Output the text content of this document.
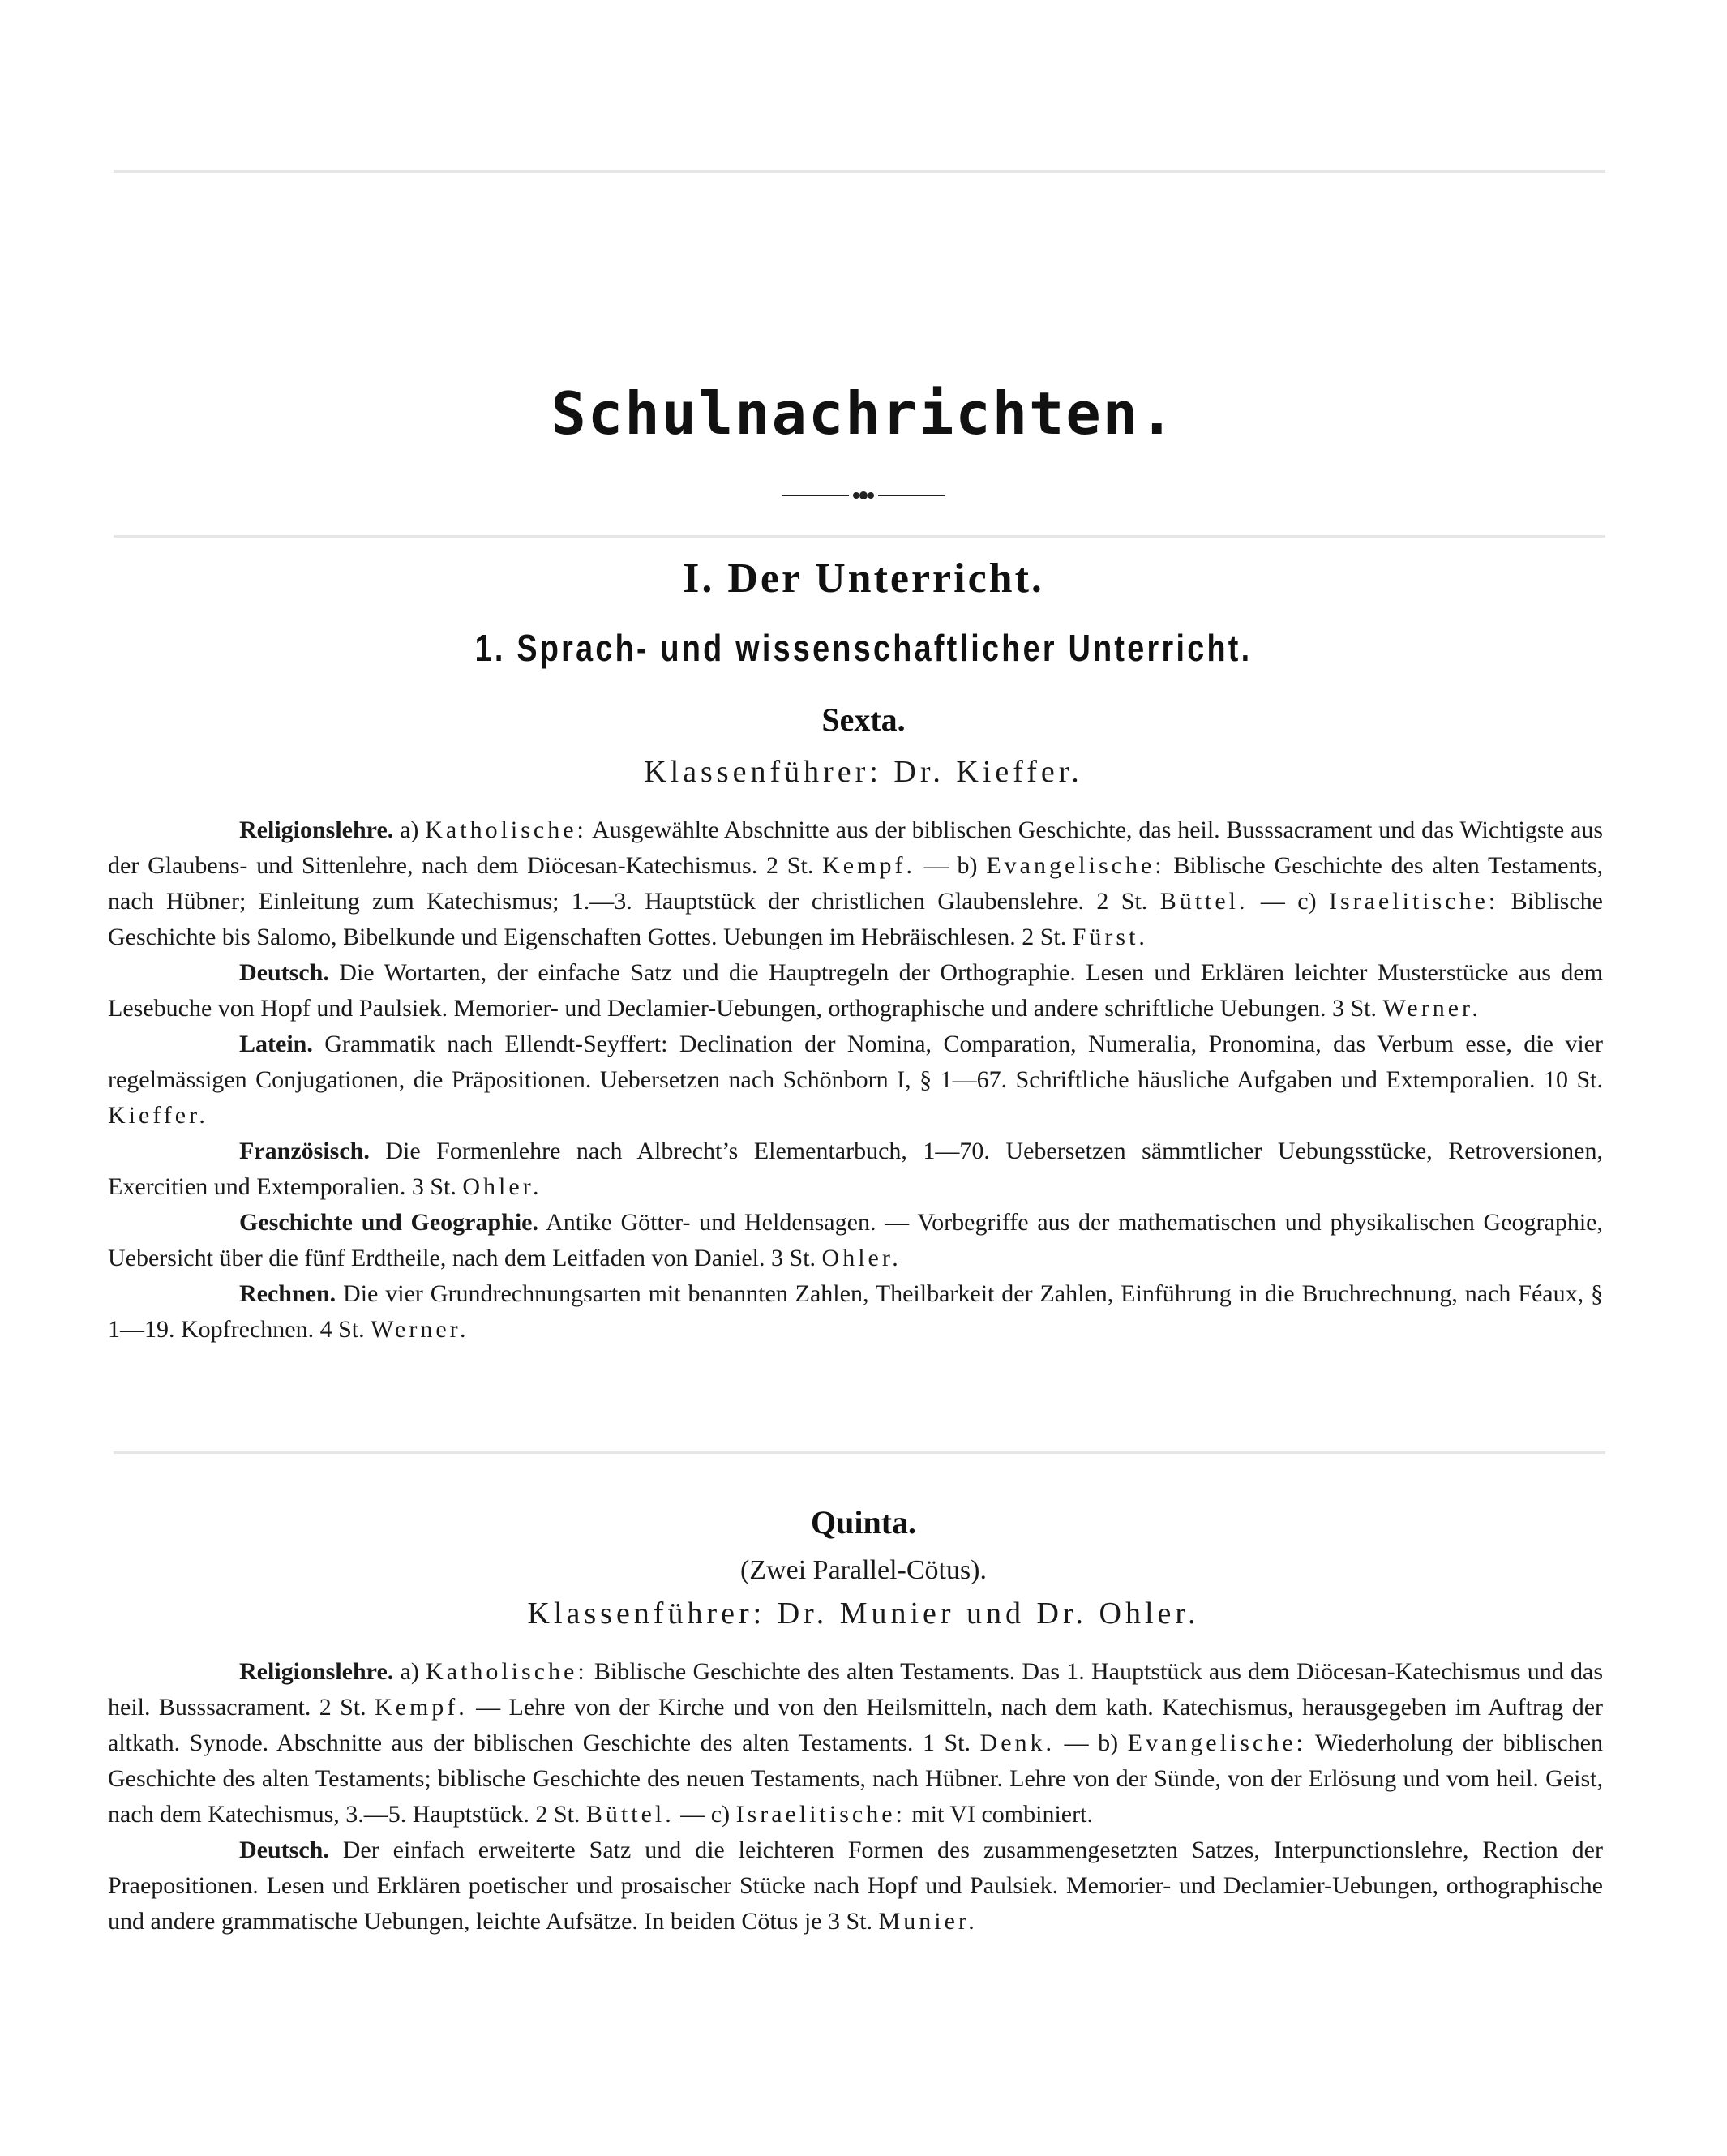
Schulnachrichten.
I. Der Unterricht.
1. Sprach- und wissenschaftlicher Unterricht.
Sexta.
Klassenführer: Dr. Kieffer.
Religionslehre. a) Katholische: Ausgewählte Abschnitte aus der biblischen Geschichte, das heil. Busssacrament und das Wichtigste aus der Glaubens- und Sittenlehre, nach dem Diöcesan-Katechismus. 2 St. Kempf. — b) Evangelische: Biblische Geschichte des alten Testaments, nach Hübner; Einleitung zum Katechismus; 1.—3. Hauptstück der christlichen Glaubenslehre. 2 St. Büttel. — c) Israelitische: Biblische Geschichte bis Salomo, Bibelkunde und Eigenschaften Gottes. Uebungen im Hebräischlesen. 2 St. Fürst.
Deutsch. Die Wortarten, der einfache Satz und die Hauptregeln der Orthographie. Lesen und Erklären leichter Musterstücke aus dem Lesebuche von Hopf und Paulsiek. Memorier- und Declamier-Uebungen, orthographische und andere schriftliche Uebungen. 3 St. Werner.
Latein. Grammatik nach Ellendt-Seyffert: Declination der Nomina, Comparation, Numeralia, Pronomina, das Verbum esse, die vier regelmässigen Conjugationen, die Präpositionen. Uebersetzen nach Schönborn I, § 1—67. Schriftliche häusliche Aufgaben und Extemporalien. 10 St. Kieffer.
Französisch. Die Formenlehre nach Albrecht’s Elementarbuch, 1—70. Uebersetzen sämmtlicher Uebungsstücke, Retroversionen, Exercitien und Extemporalien. 3 St. Ohler.
Geschichte und Geographie. Antike Götter- und Heldensagen. — Vorbegriffe aus der mathematischen und physikalischen Geographie, Uebersicht über die fünf Erdtheile, nach dem Leitfaden von Daniel. 3 St. Ohler.
Rechnen. Die vier Grundrechnungsarten mit benannten Zahlen, Theilbarkeit der Zahlen, Einführung in die Bruchrechnung, nach Féaux, § 1—19. Kopfrechnen. 4 St. Werner.
Quinta.
(Zwei Parallel-Cötus).
Klassenführer: Dr. Munier und Dr. Ohler.
Religionslehre. a) Katholische: Biblische Geschichte des alten Testaments. Das 1. Hauptstück aus dem Diöcesan-Katechismus und das heil. Busssacrament. 2 St. Kempf. — Lehre von der Kirche und von den Heilsmitteln, nach dem kath. Katechismus, herausgegeben im Auftrag der altkath. Synode. Abschnitte aus der biblischen Geschichte des alten Testaments. 1 St. Denk. — b) Evangelische: Wiederholung der biblischen Geschichte des alten Testaments; biblische Geschichte des neuen Testaments, nach Hübner. Lehre von der Sünde, von der Erlösung und vom heil. Geist, nach dem Katechismus, 3.—5. Hauptstück. 2 St. Büttel. — c) Israelitische: mit VI combiniert.
Deutsch. Der einfach erweiterte Satz und die leichteren Formen des zusammengesetzten Satzes, Interpunctionslehre, Rection der Praepositionen. Lesen und Erklären poetischer und prosaischer Stücke nach Hopf und Paulsiek. Memorier- und Declamier-Uebungen, orthographische und andere grammatische Uebungen, leichte Aufsätze. In beiden Cötus je 3 St. Munier.
